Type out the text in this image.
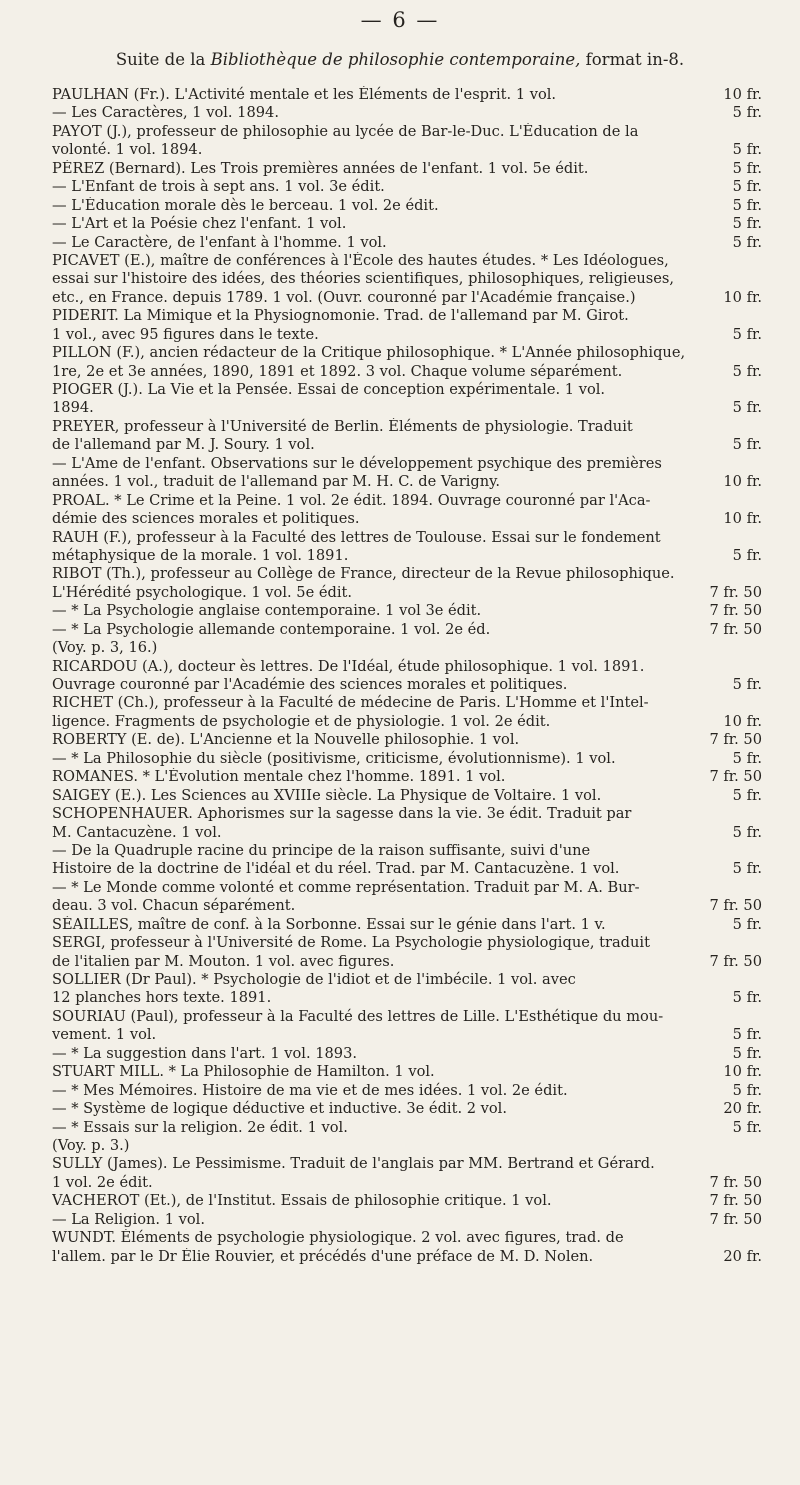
— 6 —
Suite de la Bibliothèque de philosophie contemporaine, format in-8.
PAULHAN (Fr.). L'Activité mentale et les Éléments de l'esprit. 1 vol.	10 fr.
— Les Caractères, 1 vol. 1894.	5 fr.
PAYOT (J.), professeur de philosophie au lycée de Bar-le-Duc. L'Éducation de la
volonté. 1 vol. 1894.	5 fr.
PÉREZ (Bernard). Les Trois premières années de l'enfant. 1 vol. 5e édit.	5 fr.
— L'Enfant de trois à sept ans. 1 vol. 3e édit.	5 fr.
— L'Éducation morale dès le berceau. 1 vol. 2e édit.	5 fr.
— L'Art et la Poésie chez l'enfant. 1 vol.	5 fr.
— Le Caractère, de l'enfant à l'homme. 1 vol.	5 fr.
PICAVET (E.), maître de conférences à l'École des hautes études. * Les Idéologues,
essai sur l'histoire des idées, des théories scientifiques, philosophiques, religieuses,
etc., en France. depuis 1789. 1 vol. (Ouvr. couronné par l'Académie française.)	10 fr.
PIDERIT. La Mimique et la Physiognomonie. Trad. de l'allemand par M. Girot.
1 vol., avec 95 figures dans le texte.	5 fr.
PILLON (F.), ancien rédacteur de la Critique philosophique. * L'Année philosophique,
1re, 2e et 3e années, 1890, 1891 et 1892. 3 vol. Chaque volume séparément.	5 fr.
PIOGER (J.). La Vie et la Pensée. Essai de conception expérimentale. 1 vol.
1894.	5 fr.
PREYER, professeur à l'Université de Berlin. Éléments de physiologie. Traduit
de l'allemand par M. J. Soury. 1 vol.	5 fr.
— L'Ame de l'enfant. Observations sur le développement psychique des premières
années. 1 vol., traduit de l'allemand par M. H. C. de Varigny.	10 fr.
PROAL. * Le Crime et la Peine. 1 vol. 2e édit. 1894. Ouvrage couronné par l'Aca-
démie des sciences morales et politiques.	10 fr.
RAUH (F.), professeur à la Faculté des lettres de Toulouse. Essai sur le fondement
métaphysique de la morale. 1 vol. 1891.	5 fr.
RIBOT (Th.), professeur au Collège de France, directeur de la Revue philosophique.
L'Hérédité psychologique. 1 vol. 5e édit.	7 fr. 50
— * La Psychologie anglaise contemporaine. 1 vol 3e édit.	7 fr. 50
— * La Psychologie allemande contemporaine. 1 vol. 2e éd.	7 fr. 50
(Voy. p. 3, 16.)
RICARDOU (A.), docteur ès lettres. De l'Idéal, étude philosophique. 1 vol. 1891.
Ouvrage couronné par l'Académie des sciences morales et politiques.	5 fr.
RICHET (Ch.), professeur à la Faculté de médecine de Paris. L'Homme et l'Intel-
ligence. Fragments de psychologie et de physiologie. 1 vol. 2e édit.	10 fr.
ROBERTY (E. de). L'Ancienne et la Nouvelle philosophie. 1 vol.	7 fr. 50
— * La Philosophie du siècle (positivisme, criticisme, évolutionnisme). 1 vol.	5 fr.
ROMANES. * L'Évolution mentale chez l'homme. 1891. 1 vol.	7 fr. 50
SAIGEY (E.). Les Sciences au XVIIIe siècle. La Physique de Voltaire. 1 vol.	5 fr.
SCHOPENHAUER. Aphorismes sur la sagesse dans la vie. 3e édit. Traduit par
M. Cantacuzène. 1 vol.	5 fr.
— De la Quadruple racine du principe de la raison suffisante, suivi d'une
Histoire de la doctrine de l'idéal et du réel. Trad. par M. Cantacuzène. 1 vol.	5 fr.
— * Le Monde comme volonté et comme représentation. Traduit par M. A. Bur-
deau. 3 vol. Chacun séparément.	7 fr. 50
SÉAILLES, maître de conf. à la Sorbonne. Essai sur le génie dans l'art. 1 v.	5 fr.
SERGI, professeur à l'Université de Rome. La Psychologie physiologique, traduit
de l'italien par M. Mouton. 1 vol. avec figures.	7 fr. 50
SOLLIER (Dr Paul). * Psychologie de l'idiot et de l'imbécile. 1 vol. avec
12 planches hors texte. 1891.	5 fr.
SOURIAU (Paul), professeur à la Faculté des lettres de Lille. L'Esthétique du mou-
vement. 1 vol.	5 fr.
— * La suggestion dans l'art. 1 vol. 1893.	5 fr.
STUART MILL. * La Philosophie de Hamilton. 1 vol.	10 fr.
— * Mes Mémoires. Histoire de ma vie et de mes idées. 1 vol. 2e édit.	5 fr.
— * Système de logique déductive et inductive. 3e édit. 2 vol.	20 fr.
— * Essais sur la religion. 2e édit. 1 vol.	5 fr.
(Voy. p. 3.)
SULLY (James). Le Pessimisme. Traduit de l'anglais par MM. Bertrand et Gérard.
1 vol. 2e édit.	7 fr. 50
VACHEROT (Et.), de l'Institut. Essais de philosophie critique. 1 vol.	7 fr. 50
— La Religion. 1 vol.	7 fr. 50
WUNDT. Éléments de psychologie physiologique. 2 vol. avec figures, trad. de
l'allem. par le Dr Élie Rouvier, et précédés d'une préface de M. D. Nolen.	20 fr.
